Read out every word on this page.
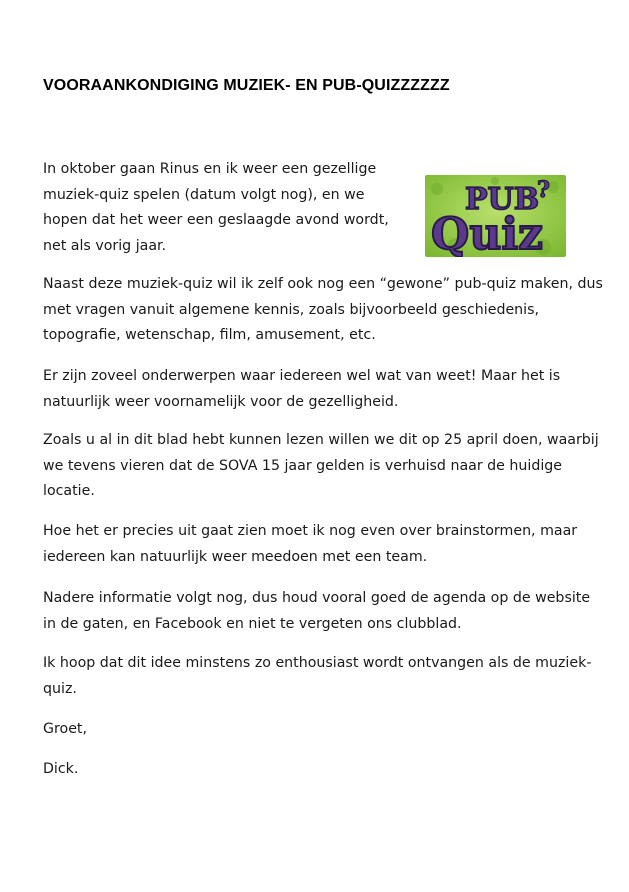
VOORAANKONDIGING MUZIEK- EN PUB-QUIZZZZZZ

In oktober gaan Rinus en ik weer een gezellige muziek-quiz spelen (datum volgt nog), en we hopen dat het weer een geslaagde avond wordt, net als vorig jaar.

PUB
?
Quiz

Naast deze muziek-quiz wil ik zelf ook nog een “gewone” pub-quiz maken, dus met vragen vanuit algemene kennis, zoals bijvoorbeeld geschiedenis, topografie, wetenschap, film, amusement, etc.

Er zijn zoveel onderwerpen waar iedereen wel wat van weet! Maar het is natuurlijk weer voornamelijk voor de gezelligheid.

Zoals u al in dit blad hebt kunnen lezen willen we dit op 25 april doen, waarbij we tevens vieren dat de SOVA 15 jaar gelden is verhuisd naar de huidige locatie.

Hoe het er precies uit gaat zien moet ik nog even over brainstormen, maar iedereen kan natuurlijk weer meedoen met een team.

Nadere informatie volgt nog, dus houd vooral goed de agenda op de website in de gaten, en Facebook en niet te vergeten ons clubblad.

Ik hoop dat dit idee minstens zo enthousiast wordt ontvangen als de muziek-quiz.

Groet,

Dick.
